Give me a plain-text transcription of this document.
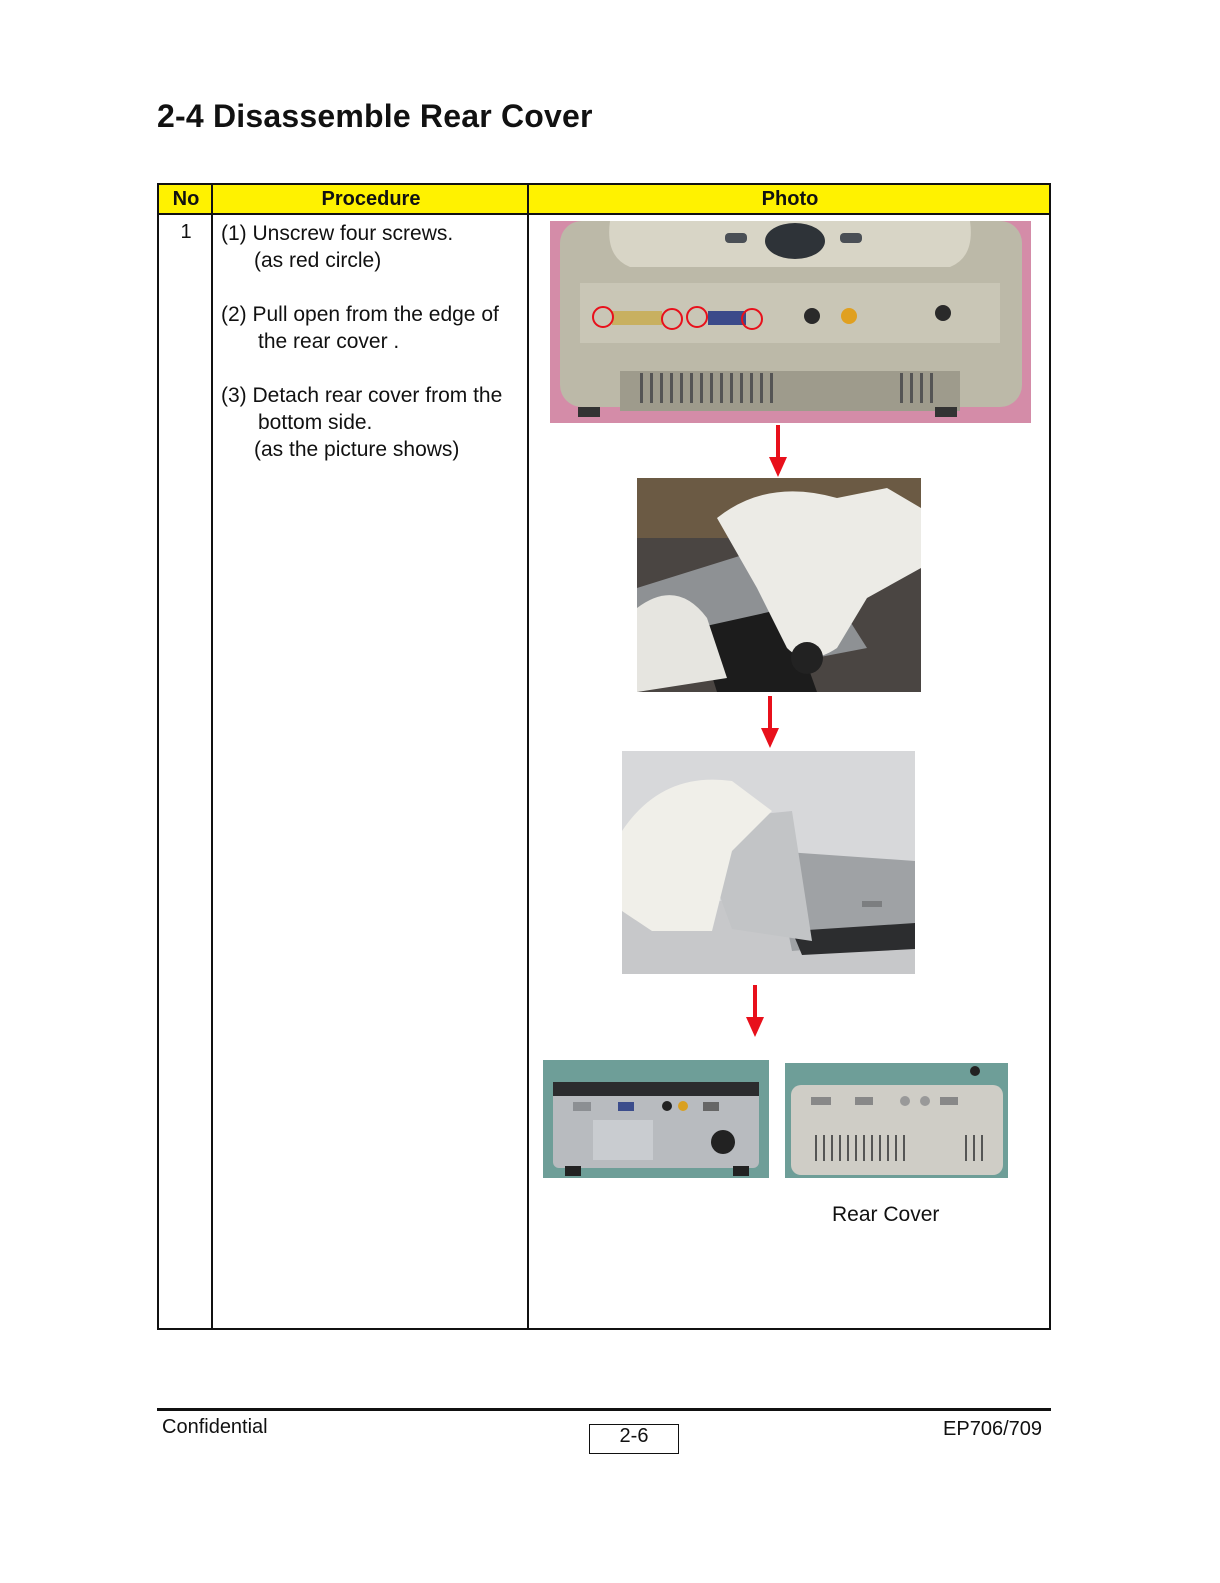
2-4 Disassemble Rear Cover
No	Procedure	Photo
1	(1) Unscrew four screws.

(as red circle)

(2) Pull open from the edge of

the rear cover .

(3) Detach rear cover from the

bottom side.

(as the picture shows)

Rear Cover
Confidential	2-6	EP706/709
